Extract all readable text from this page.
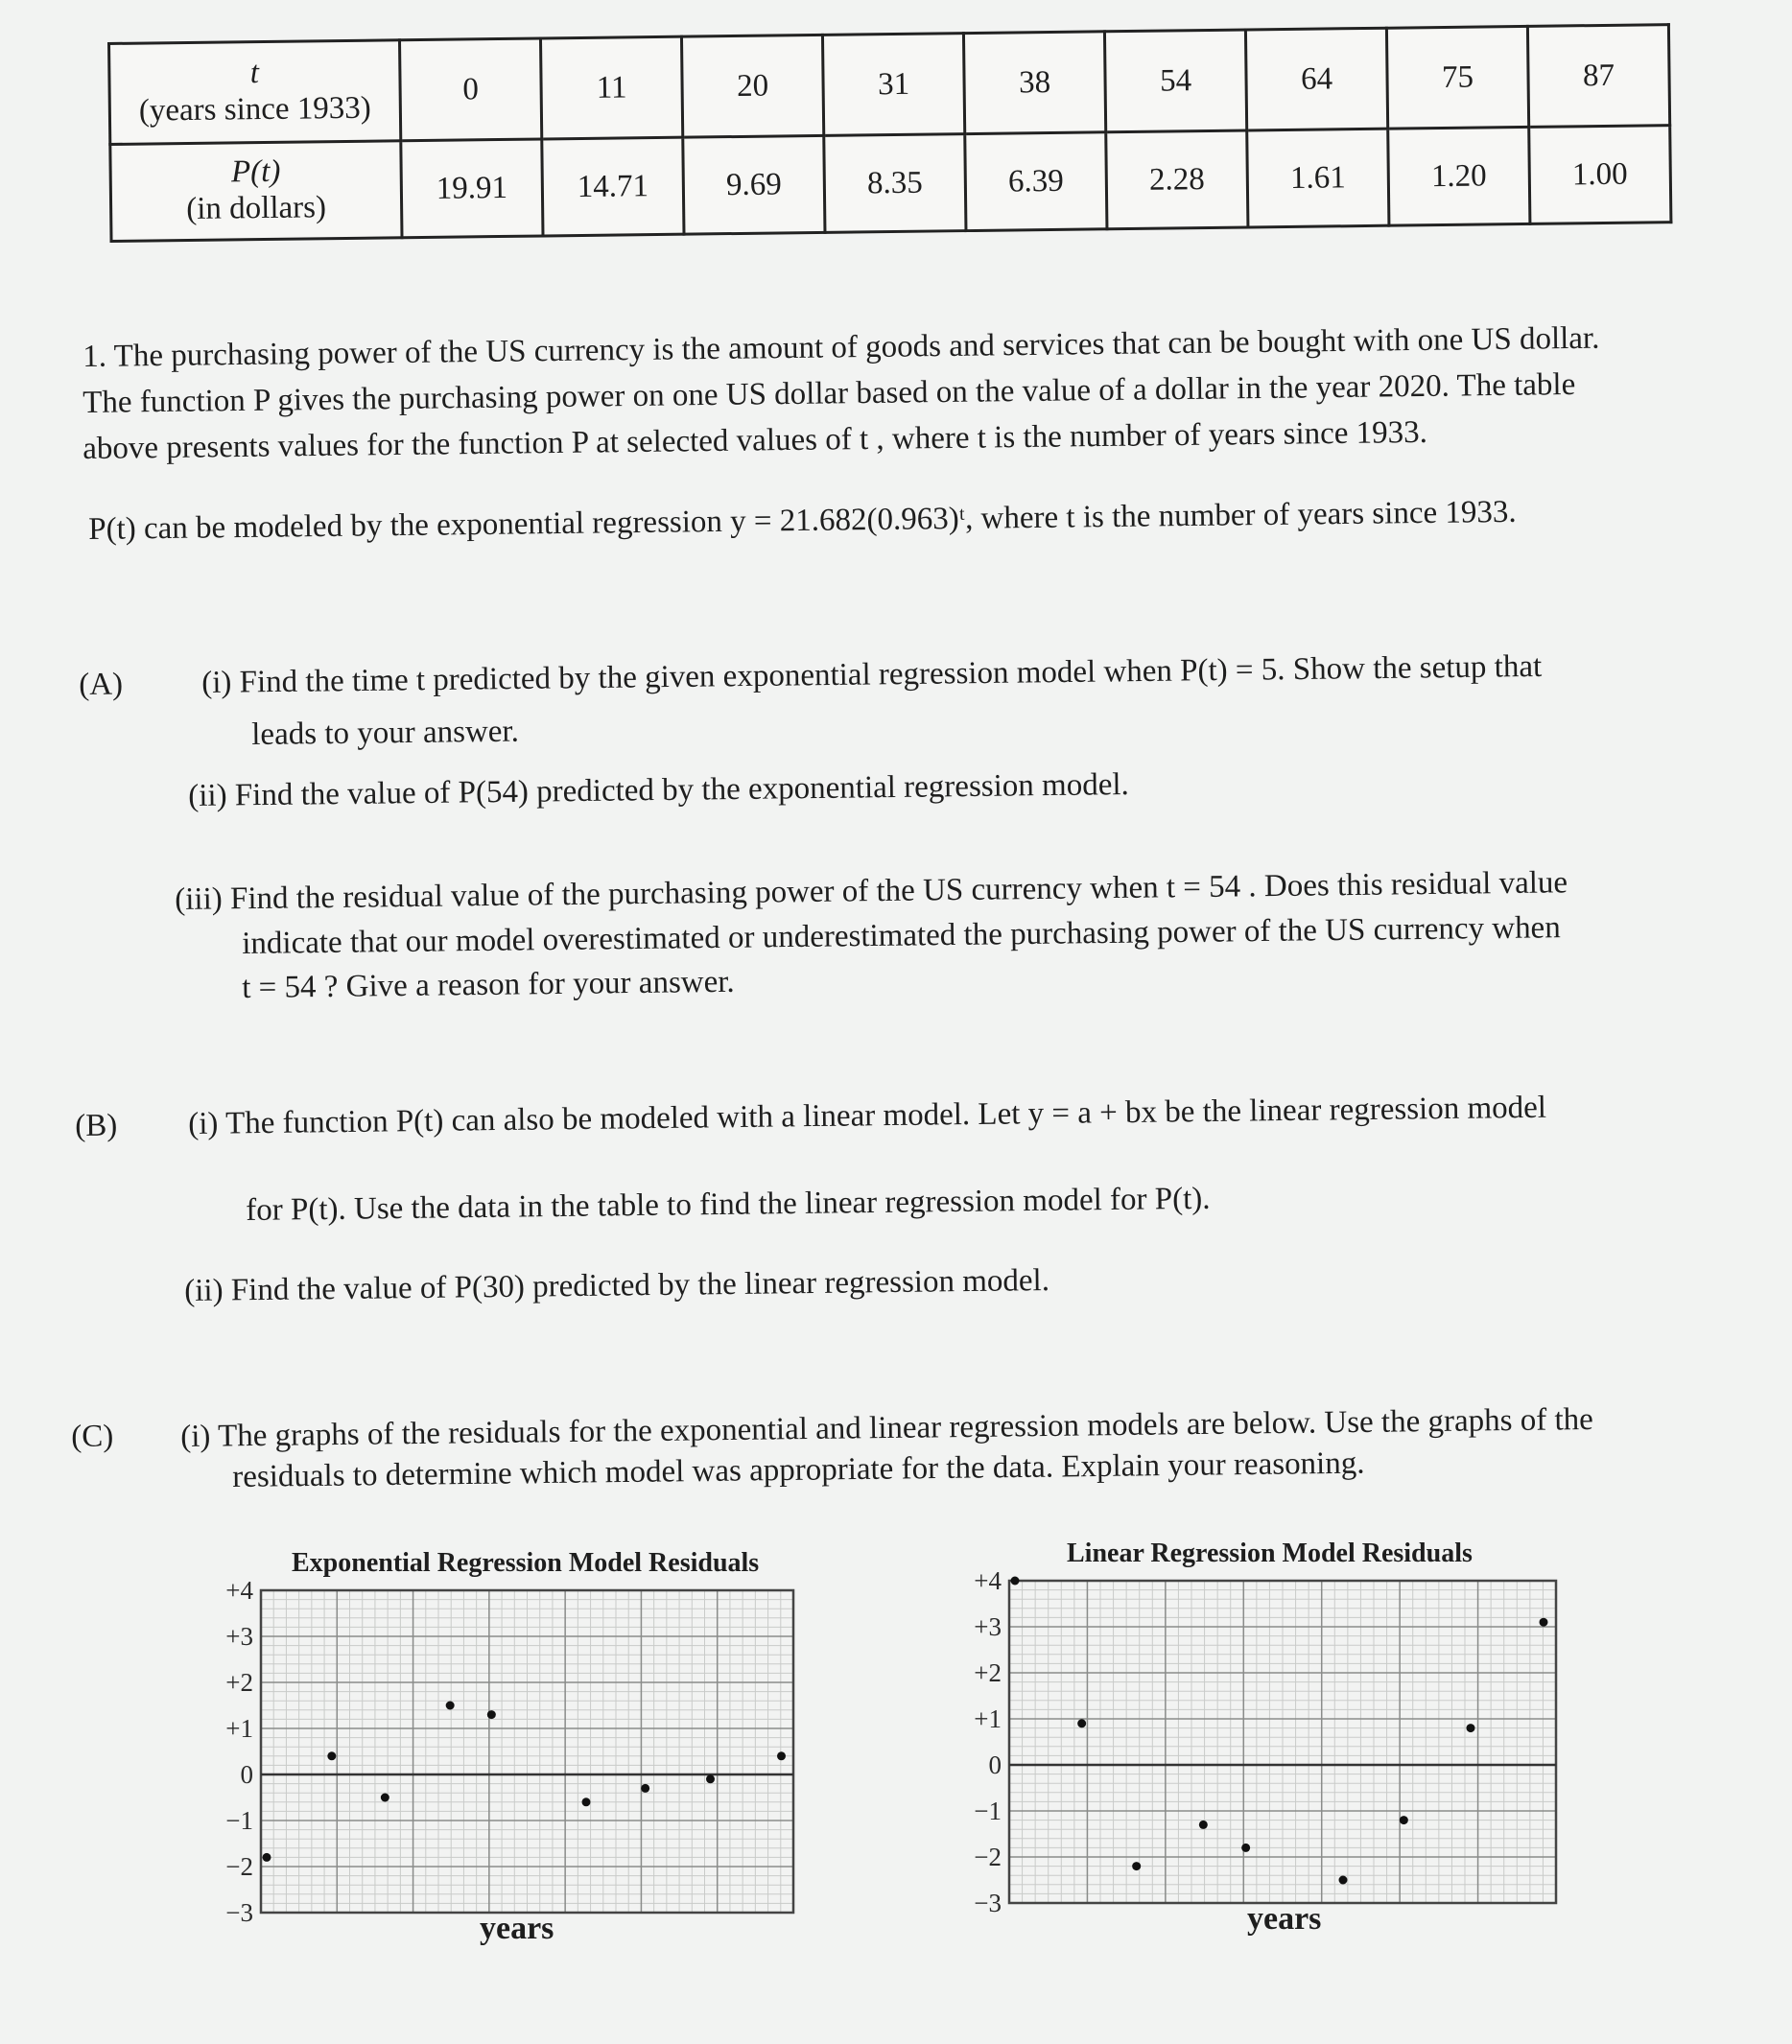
t
(years since 1933)	0	11	20	31	38	54	64	75	87

P(t)
(in dollars)	19.91	14.71	9.69	8.35	6.39	2.28	1.61	1.20	1.00
1. The purchasing power of the US currency is the amount of goods and services that can be bought with one US dollar.
The function P gives the purchasing power on one US dollar based on the value of a dollar in the year 2020. The table
above presents values for the function P at selected values of t , where t is the number of years since 1933.
P(t) can be modeled by the exponential regression y = 21.682(0.963)ᵗ, where t is the number of years since 1933.
(A) (i) Find the time t predicted by the given exponential regression model when P(t) = 5. Show the setup that
leads to your answer.
(ii) Find the value of P(54) predicted by the exponential regression model.
(iii) Find the residual value of the purchasing power of the US currency when t = 54 . Does this residual value
indicate that our model overestimated or underestimated the purchasing power of the US currency when
t = 54 ? Give a reason for your answer.
(B) (i) The function P(t) can also be modeled with a linear model. Let y = a + bx be the linear regression model
for P(t). Use the data in the table to find the linear regression model for P(t).
(ii) Find the value of P(30) predicted by the linear regression model.
(C) (i) The graphs of the residuals for the exponential and linear regression models are below. Use the graphs of the
residuals to determine which model was appropriate for the data. Explain your reasoning.
Exponential Regression Model Residuals
+4
+3
+2
+1
0
−1
−2
−3	years
Linear Regression Model Residuals
+4
+3
+2
+1
0
−1
−2
−3	years
